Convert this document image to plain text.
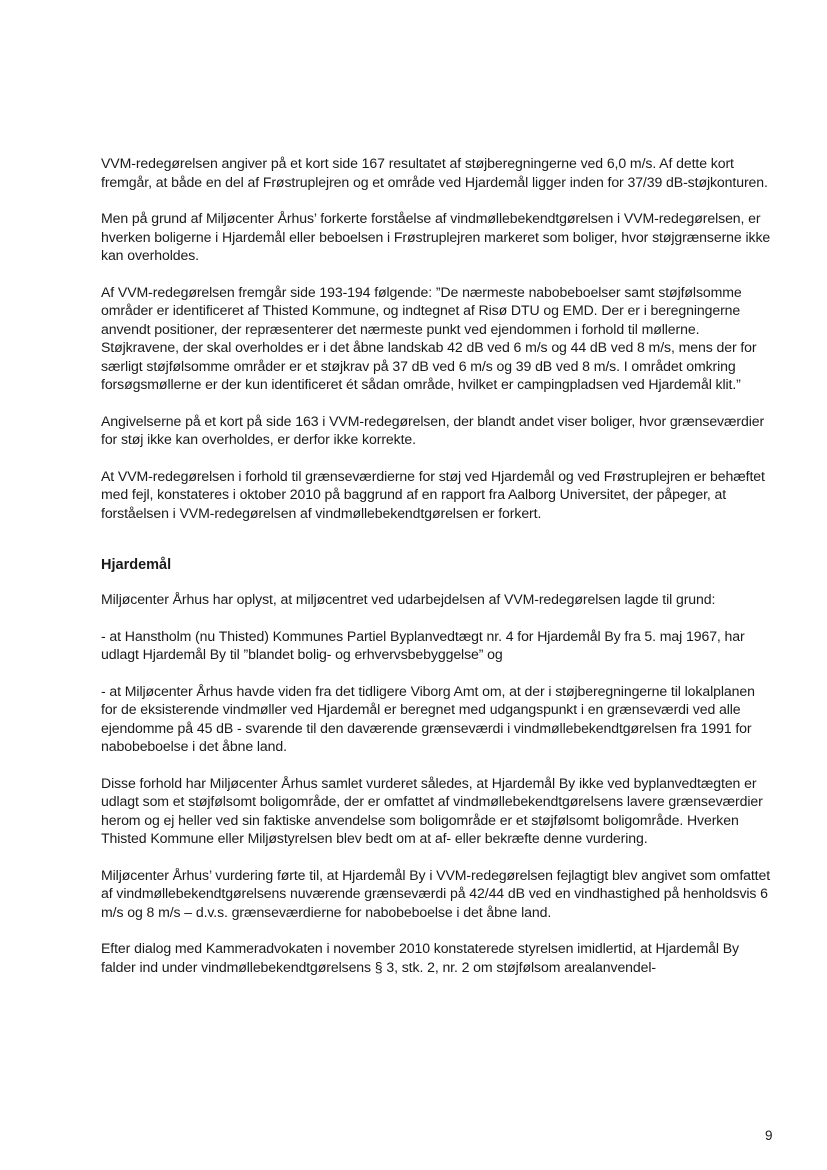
VVM-redegørelsen angiver på et kort side 167 resultatet af støjberegningerne ved 6,0 m/s. Af dette kort fremgår, at både en del af Frøstruplejren og et område ved Hjardemål ligger inden for 37/39 dB-støjkonturen.

Men på grund af Miljøcenter Århus’ forkerte forståelse af vindmøllebekendtgørelsen i VVM-redegørelsen, er hverken boligerne i Hjardemål eller beboelsen i Frøstruplejren markeret som boliger, hvor støjgrænserne ikke kan overholdes.

Af VVM-redegørelsen fremgår side 193-194 følgende: ”De nærmeste nabobeboelser samt støjfølsomme områder er identificeret af Thisted Kommune, og indtegnet af Risø DTU og EMD. Der er i beregningerne anvendt positioner, der repræsenterer det nærmeste punkt ved ejendommen i forhold til møllerne. Støjkravene, der skal overholdes er i det åbne landskab 42 dB ved 6 m/s og 44 dB ved 8 m/s, mens der for særligt støjfølsomme områder er et støjkrav på 37 dB ved 6 m/s og 39 dB ved 8 m/s. I området omkring forsøgsmøllerne er der kun identificeret ét sådan område, hvilket er campingpladsen ved Hjardemål klit.”

Angivelserne på et kort på side 163 i VVM-redegørelsen, der blandt andet viser boliger, hvor grænseværdier for støj ikke kan overholdes, er derfor ikke korrekte.

At VVM-redegørelsen i forhold til grænseværdierne for støj ved Hjardemål og ved Frøstruplejren er behæftet med fejl, konstateres i oktober 2010 på baggrund af en rapport fra Aalborg Universitet, der påpeger, at forståelsen i VVM-redegørelsen af vindmøllebekendtgørelsen er forkert.

Hjardemål

Miljøcenter Århus har oplyst, at miljøcentret ved udarbejdelsen af VVM-redegørelsen lagde til grund:

- at Hanstholm (nu Thisted) Kommunes Partiel Byplanvedtægt nr. 4 for Hjardemål By fra 5. maj 1967, har udlagt Hjardemål By til ”blandet bolig- og erhvervsbebyggelse” og

- at Miljøcenter Århus havde viden fra det tidligere Viborg Amt om, at der i støjberegningerne til lokalplanen for de eksisterende vindmøller ved Hjardemål er beregnet med udgangspunkt i en grænseværdi ved alle ejendomme på 45 dB - svarende til den daværende grænseværdi i vindmøllebekendtgørelsen fra 1991 for nabobeboelse i det åbne land.

Disse forhold har Miljøcenter Århus samlet vurderet således, at Hjardemål By ikke ved byplanvedtægten er udlagt som et støjfølsomt boligområde, der er omfattet af vindmøllebekendtgørelsens lavere grænseværdier herom og ej heller ved sin faktiske anvendelse som boligområde er et støjfølsomt boligområde. Hverken Thisted Kommune eller Miljøstyrelsen blev bedt om at af- eller bekræfte denne vurdering.

Miljøcenter Århus’ vurdering førte til, at Hjardemål By i VVM-redegørelsen fejlagtigt blev angivet som omfattet af vindmøllebekendtgørelsens nuværende grænseværdi på 42/44 dB ved en vindhastighed på henholdsvis 6 m/s og 8 m/s – d.v.s. grænseværdierne for nabobeboelse i det åbne land.

Efter dialog med Kammeradvokaten i november 2010 konstaterede styrelsen imidlertid, at Hjardemål By falder ind under vindmøllebekendtgørelsens § 3, stk. 2, nr. 2 om støjfølsom arealanvendel-

9
